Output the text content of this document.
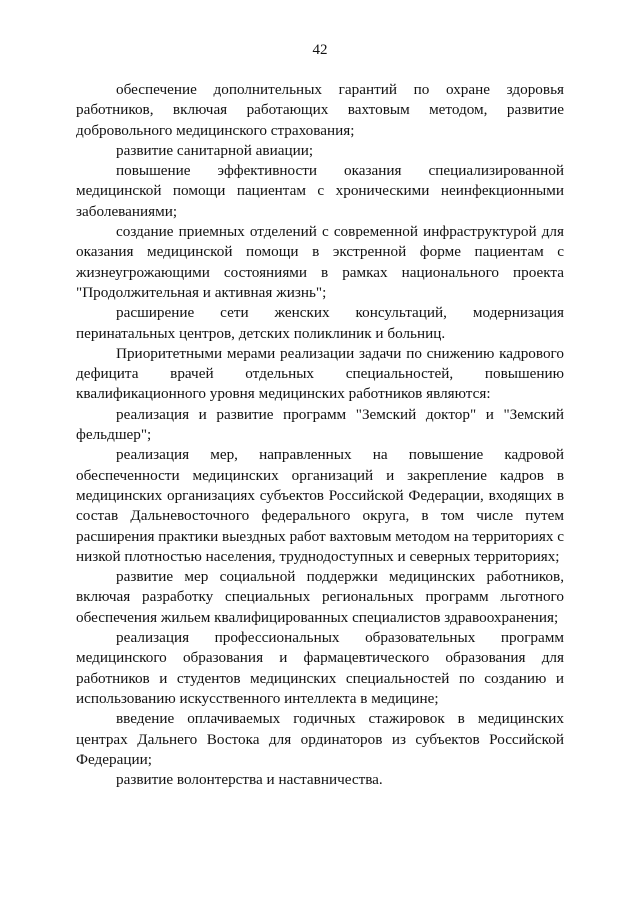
42

обеспечение дополнительных гарантий по охране здоровья работников, включая работающих вахтовым методом, развитие добровольного медицинского страхования;

развитие санитарной авиации;

повышение эффективности оказания специализированной медицинской помощи пациентам с хроническими неинфекционными заболеваниями;

создание приемных отделений с современной инфраструктурой для оказания медицинской помощи в экстренной форме пациентам с жизнеугрожающими состояниями в рамках национального проекта "Продолжительная и активная жизнь";

расширение сети женских консультаций, модернизация перинатальных центров, детских поликлиник и больниц.

Приоритетными мерами реализации задачи по снижению кадрового дефицита врачей отдельных специальностей, повышению квалификационного уровня медицинских работников являются:

реализация и развитие программ "Земский доктор" и "Земский фельдшер";

реализация мер, направленных на повышение кадровой обеспеченности медицинских организаций и закрепление кадров в медицинских организациях субъектов Российской Федерации, входящих в состав Дальневосточного федерального округа, в том числе путем расширения практики выездных работ вахтовым методом на территориях с низкой плотностью населения, труднодоступных и северных территориях;

развитие мер социальной поддержки медицинских работников, включая разработку специальных региональных программ льготного обеспечения жильем квалифицированных специалистов здравоохранения;

реализация профессиональных образовательных программ медицинского образования и фармацевтического образования для работников и студентов медицинских специальностей по созданию и использованию искусственного интеллекта в медицине;

введение оплачиваемых годичных стажировок в медицинских центрах Дальнего Востока для ординаторов из субъектов Российской Федерации;

развитие волонтерства и наставничества.
